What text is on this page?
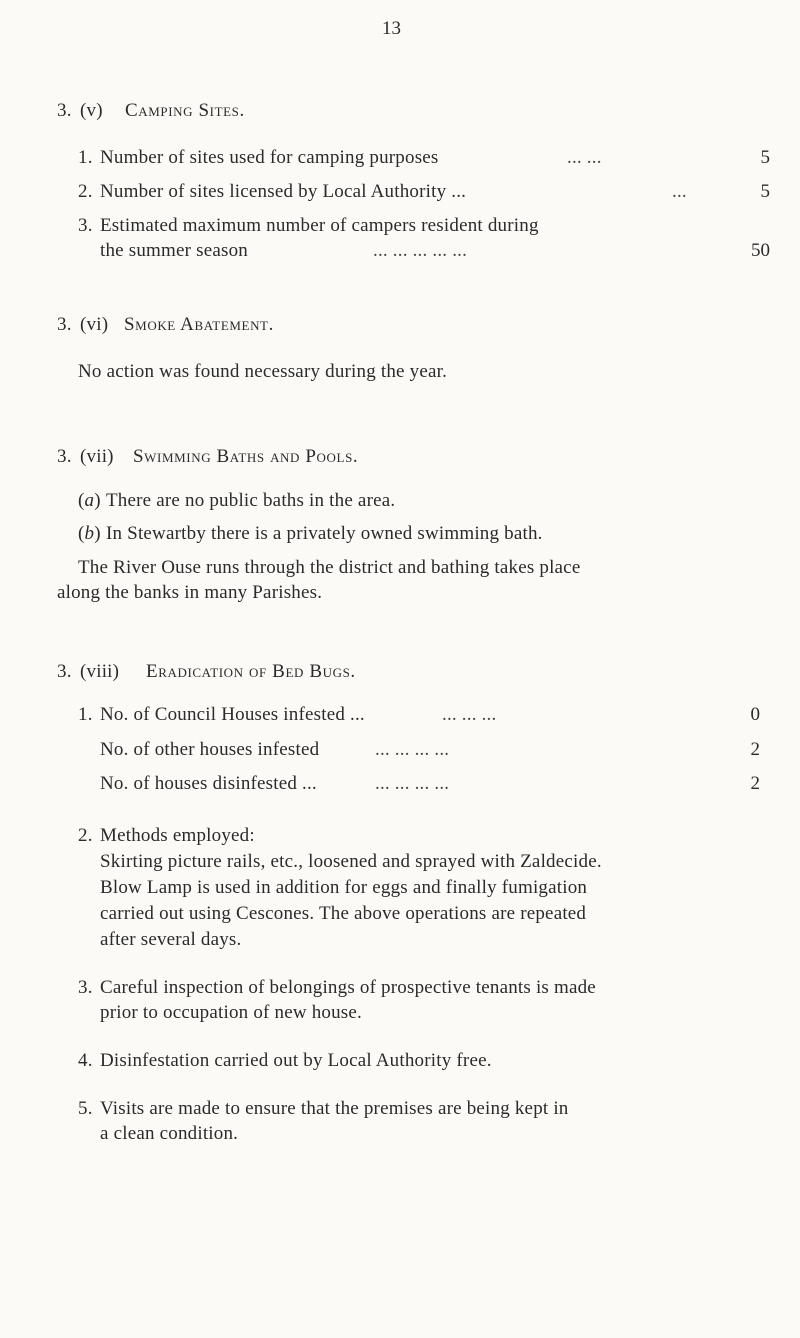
13
3. (v) Camping Sites.
1. Number of sites used for camping purposes	... ...	5
2. Number of sites licensed by Local Authority ...	...	5
3. Estimated maximum number of campers resident during
the summer season	... ... ... ... ...	50
3. (vi) Smoke Abatement.
No action was found necessary during the year.
3. (vii) Swimming Baths and Pools.
(a) There are no public baths in the area.
(b) In Stewartby there is a privately owned swimming bath.
The River Ouse runs through the district and bathing takes place
along the banks in many Parishes.
3. (viii) Eradication of Bed Bugs.
1. No. of Council Houses infested ...	... ... ...	0
No. of other houses infested	... ... ... ...	2
No. of houses disinfested ...	... ... ... ...	2
2. Methods employed:
Skirting picture rails, etc., loosened and sprayed with Zaldecide.
Blow Lamp is used in addition for eggs and finally fumigation
carried out using Cescones. The above operations are repeated
after several days.
3. Careful inspection of belongings of prospective tenants is made
prior to occupation of new house.
4. Disinfestation carried out by Local Authority free.
5. Visits are made to ensure that the premises are being kept in
a clean condition.
